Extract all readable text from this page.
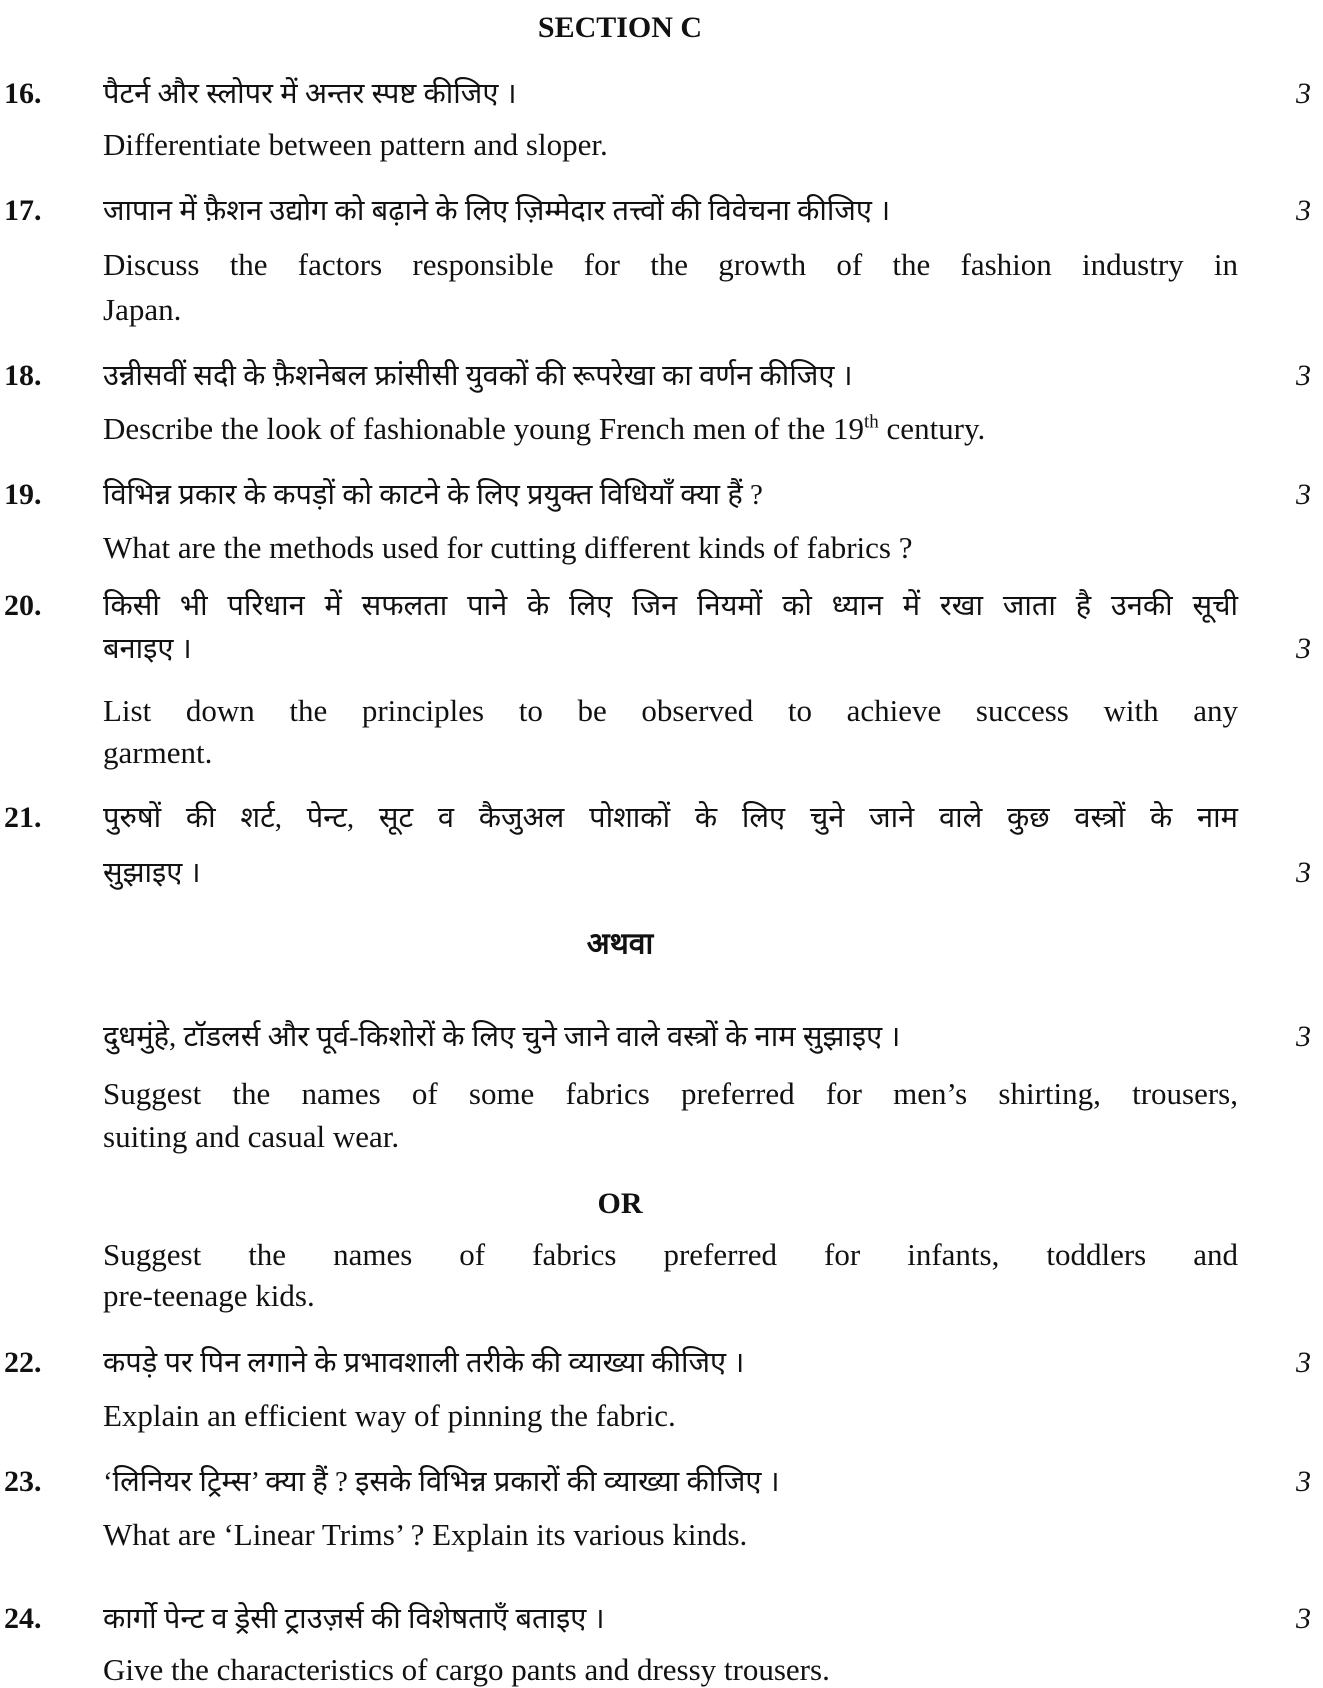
SECTION C
16. पैटर्न और स्लोपर में अन्तर स्पष्ट कीजिए ।	3
Differentiate between pattern and sloper.
17. जापान में फ़ैशन उद्योग को बढ़ाने के लिए ज़िम्मेदार तत्त्वों की विवेचना कीजिए ।	3
Discuss the factors responsible for the growth of the fashion industry in
Japan.
18. उन्नीसवीं सदी के फ़ैशनेबल फ्रांसीसी युवकों की रूपरेखा का वर्णन कीजिए ।	3
Describe the look of fashionable young French men of the 19th century.
19. विभिन्न प्रकार के कपड़ों को काटने के लिए प्रयुक्त विधियाँ क्या हैं ?	3
What are the methods used for cutting different kinds of fabrics ?
20. किसी भी परिधान में सफलता पाने के लिए जिन नियमों को ध्यान में रखा जाता है उनकी सूची
बनाइए ।	3
List down the principles to be observed to achieve success with any
garment.
21. पुरुषों की शर्ट, पेन्ट, सूट व कैजुअल पोशाकों के लिए चुने जाने वाले कुछ वस्त्रों के नाम
सुझाइए ।	3
अथवा
दुधमुंहे, टॉडलर्स और पूर्व-किशोरों के लिए चुने जाने वाले वस्त्रों के नाम सुझाइए ।	3
Suggest the names of some fabrics preferred for men’s shirting, trousers,
suiting and casual wear.
OR
Suggest the names of fabrics preferred for infants, toddlers and
pre-teenage kids.
22. कपड़े पर पिन लगाने के प्रभावशाली तरीके की व्याख्या कीजिए ।	3
Explain an efficient way of pinning the fabric.
23. ‘लिनियर ट्रिम्स’ क्या हैं ? इसके विभिन्न प्रकारों की व्याख्या कीजिए ।	3
What are ‘Linear Trims’ ? Explain its various kinds.
24. कार्गो पेन्ट व ड्रेसी ट्राउज़र्स की विशेषताएँ बताइए ।	3
Give the characteristics of cargo pants and dressy trousers.
